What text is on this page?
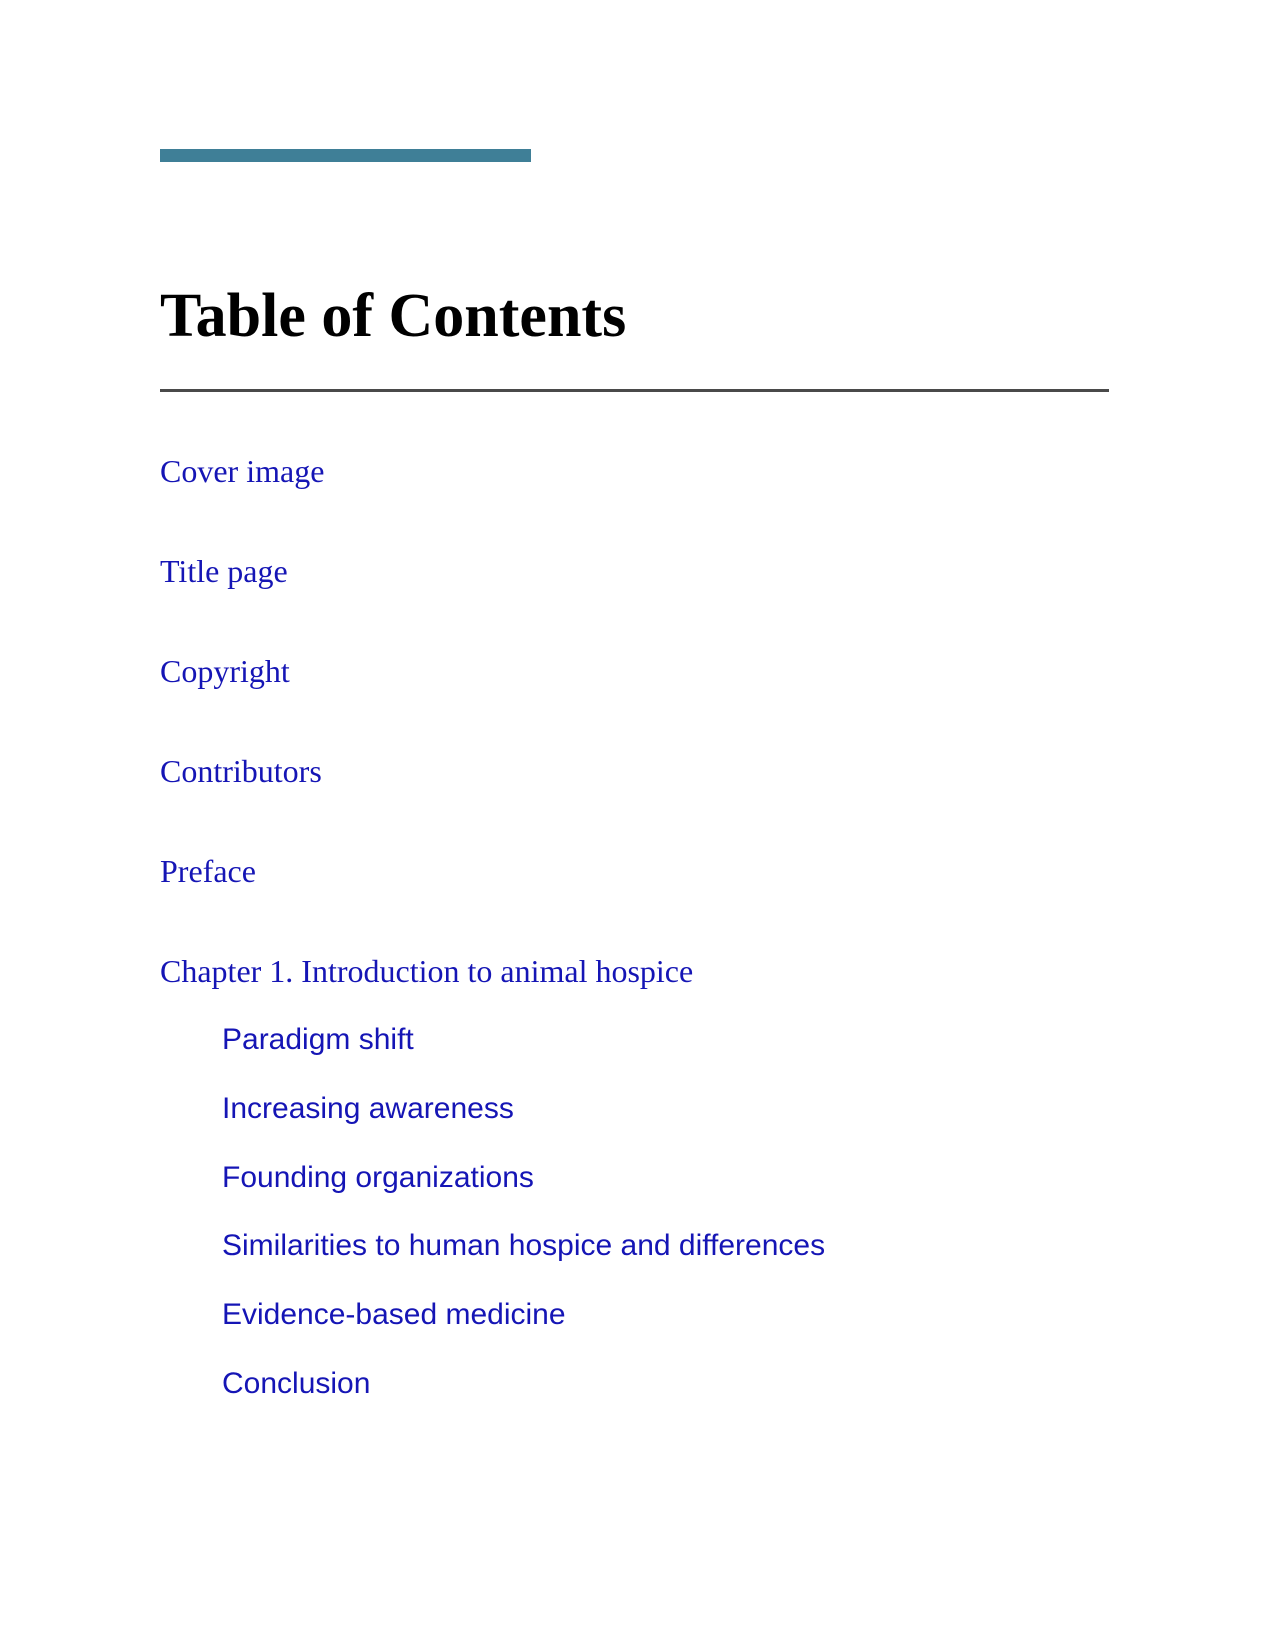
Table of Contents
Cover image
Title page
Copyright
Contributors
Preface
Chapter 1. Introduction to animal hospice
Paradigm shift
Increasing awareness
Founding organizations
Similarities to human hospice and differences
Evidence-based medicine
Conclusion
